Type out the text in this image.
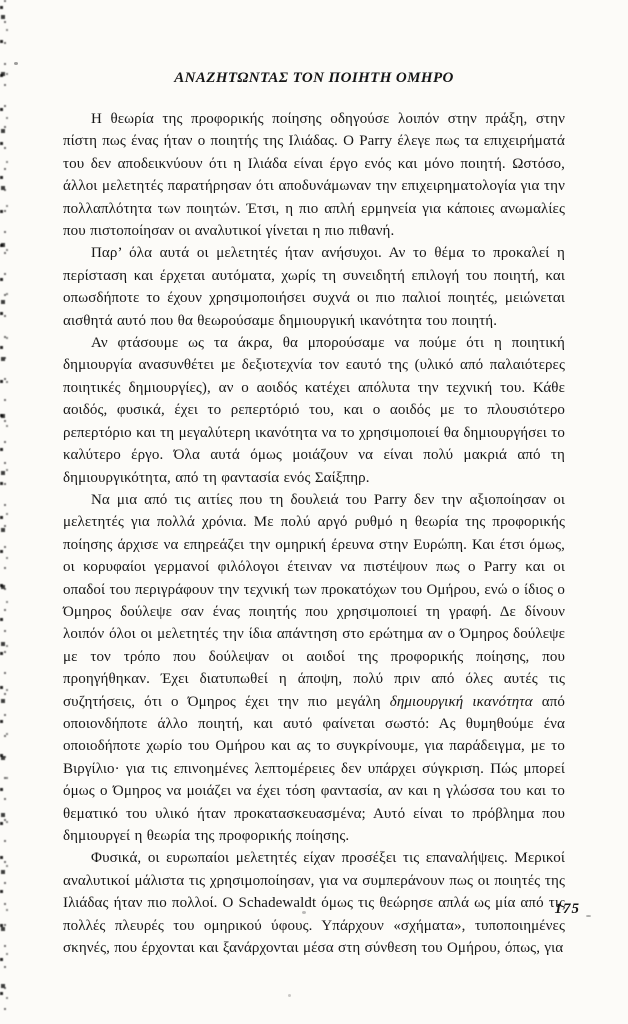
ΑΝΑΖΗΤΩΝΤΑΣ ΤΟΝ ΠΟΙΗΤΗ ΟΜΗΡΟ

Η θεωρία της προφορικής ποίησης οδηγούσε λοιπόν στην πράξη, στην πίστη πως ένας ήταν ο ποιητής της Ιλιάδας. Ο Parry έλεγε πως τα επιχειρήματά του δεν αποδεικνύουν ότι η Ιλιάδα είναι έργο ενός και μόνο ποιητή. Ωστόσο, άλλοι μελετητές παρατήρησαν ότι αποδυνάμωναν την επιχειρηματολογία για την πολλαπλότητα των ποιητών. Έτσι, η πιο απλή ερμηνεία για κάποιες ανωμαλίες που πιστοποίησαν οι αναλυτικοί γίνεται η πιο πιθανή.

Παρ’ όλα αυτά οι μελετητές ήταν ανήσυχοι. Αν το θέμα το προκαλεί η περίσταση και έρχεται αυτόματα, χωρίς τη συνειδητή επιλογή του ποιητή, και οπωσδήποτε το έχουν χρησιμοποιήσει συχνά οι πιο παλιοί ποιητές, μειώνεται αισθητά αυτό που θα θεωρούσαμε δημιουργική ικανότητα του ποιητή.

Αν φτάσουμε ως τα άκρα, θα μπορούσαμε να πούμε ότι η ποιητική δημιουργία ανασυνθέτει με δεξιοτεχνία τον εαυτό της (υλικό από παλαιότερες ποιητικές δημιουργίες), αν ο αοιδός κατέχει απόλυτα την τεχνική του. Κάθε αοιδός, φυσικά, έχει το ρεπερτόριό του, και ο αοιδός με το πλουσιότερο ρεπερτόριο και τη μεγαλύτερη ικανότητα να το χρησιμοποιεί θα δημιουργήσει το καλύτερο έργο. Όλα αυτά όμως μοιάζουν να είναι πολύ μακριά από τη δημιουργικότητα, από τη φαντασία ενός Σαίξπηρ.

Να μια από τις αιτίες που τη δουλειά του Parry δεν την αξιοποίησαν οι μελετητές για πολλά χρόνια. Με πολύ αργό ρυθμό η θεωρία της προφορικής ποίησης άρχισε να επηρεάζει την ομηρική έρευνα στην Ευρώπη. Και έτσι όμως, οι κορυφαίοι γερμανοί φιλόλογοι έτειναν να πιστέψουν πως ο Parry και οι οπαδοί του περιγράφουν την τεχνική των προκατόχων του Ομήρου, ενώ ο ίδιος ο Όμηρος δούλεψε σαν ένας ποιητής που χρησιμοποιεί τη γραφή. Δε δίνουν λοιπόν όλοι οι μελετητές την ίδια απάντηση στο ερώτημα αν ο Όμηρος δούλεψε με τον τρόπο που δούλεψαν οι αοιδοί της προφορικής ποίησης, που προηγήθηκαν. Έχει διατυπωθεί η άποψη, πολύ πριν από όλες αυτές τις συζητήσεις, ότι ο Όμηρος έχει την πιο μεγάλη δημιουργική ικανότητα από οποιονδήποτε άλλο ποιητή, και αυτό φαίνεται σωστό: Ας θυμηθούμε ένα οποιοδήποτε χωρίο του Ομήρου και ας το συγκρίνουμε, για παράδειγμα, με το Βιργίλιο· για τις επινοημένες λεπτομέρειες δεν υπάρχει σύγκριση. Πώς μπορεί όμως ο Όμηρος να μοιάζει να έχει τόση φαντασία, αν και η γλώσσα του και το θεματικό του υλικό ήταν προκατασκευασμένα; Αυτό είναι το πρόβλημα που δημιουργεί η θεωρία της προφορικής ποίησης.

Φυσικά, οι ευρωπαίοι μελετητές είχαν προσέξει τις επαναλήψεις. Μερικοί αναλυτικοί μάλιστα τις χρησιμοποίησαν, για να συμπεράνουν πως οι ποιητές της Ιλιάδας ήταν πιο πολλοί. Ο Schadewaldt όμως τις θεώρησε απλά ως μία από τις πολλές πλευρές του ομηρικού ύφους. Υπάρχουν «σχήματα», τυποποιημένες σκηνές, που έρχονται και ξανάρχονται μέσα στη σύνθεση του Ομήρου, όπως, για

175
